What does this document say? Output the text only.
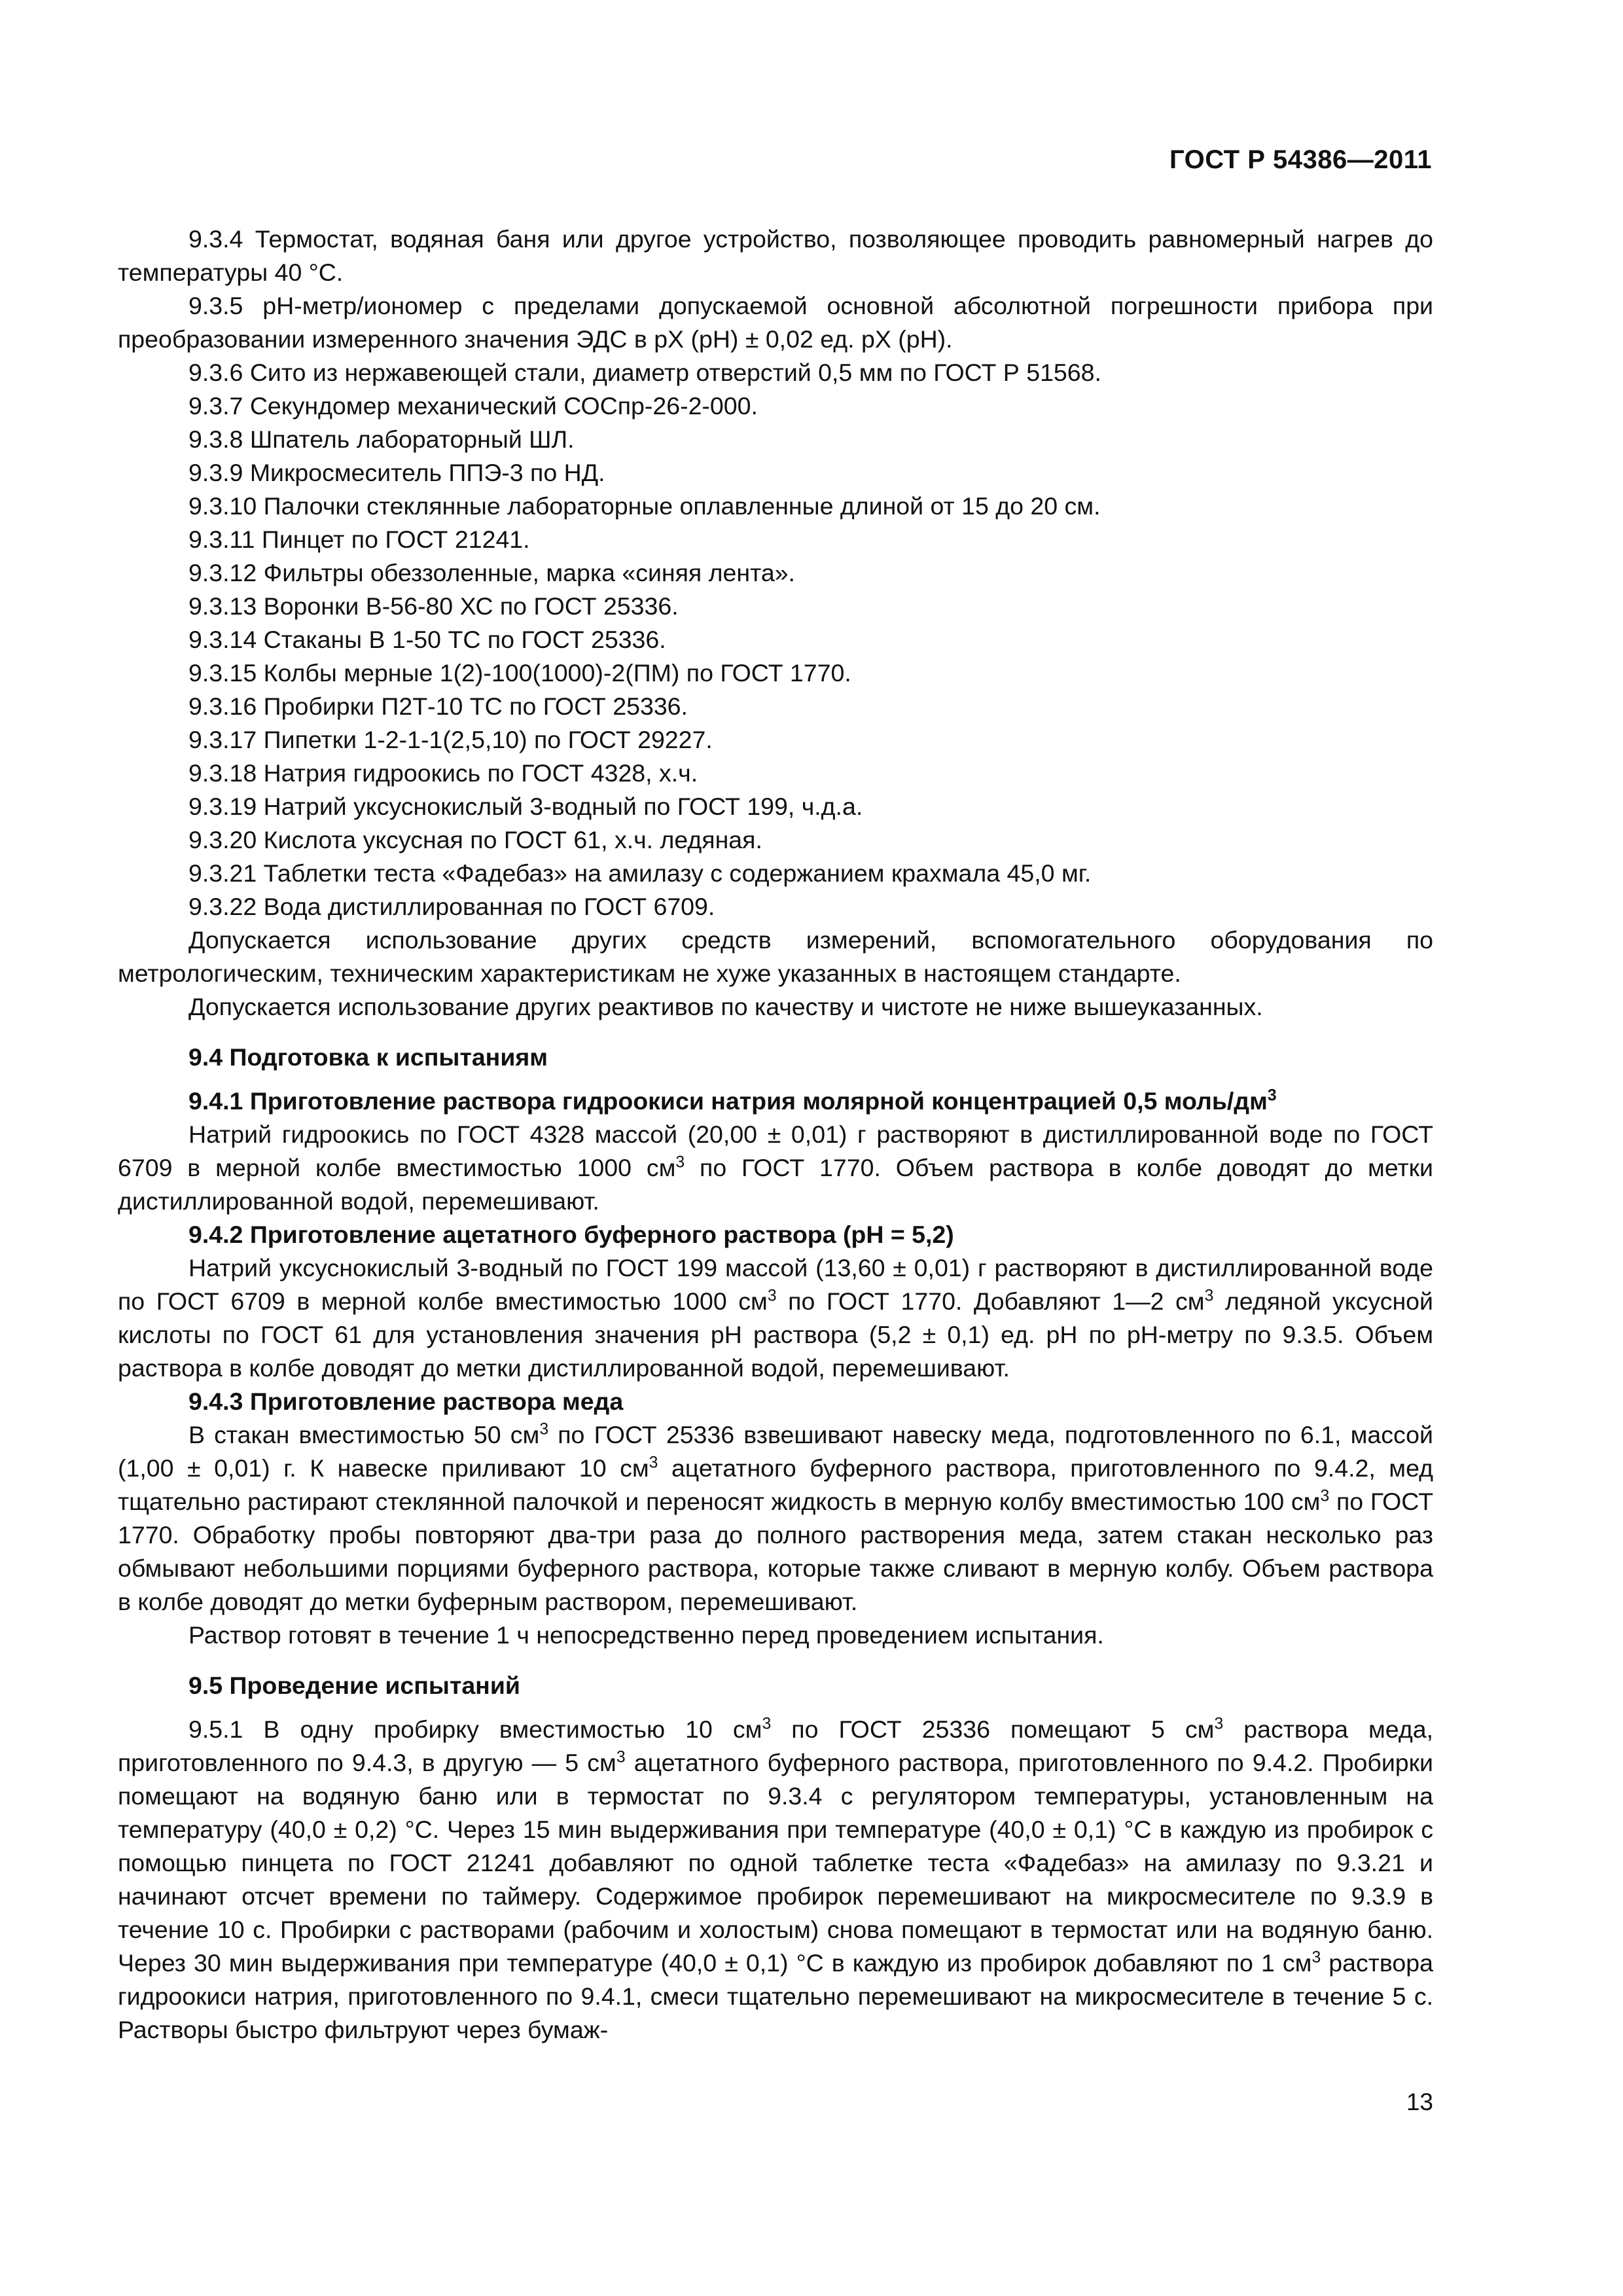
ГОСТ Р 54386—2011

9.3.4 Термостат, водяная баня или другое устройство, позволяющее проводить равномерный нагрев до температуры 40 °С.

9.3.5 рН-метр/иономер с пределами допускаемой основной абсолютной погрешности прибора при преобразовании измеренного значения ЭДС в pX (pH) ± 0,02 ед. pX (pH).

9.3.6 Сито из нержавеющей стали, диаметр отверстий 0,5 мм по ГОСТ Р 51568.

9.3.7 Секундомер механический СОСпр-26-2-000.

9.3.8 Шпатель лабораторный ШЛ.

9.3.9 Микросмеситель ППЭ-3 по НД.

9.3.10 Палочки стеклянные лабораторные оплавленные длиной от 15 до 20 см.

9.3.11 Пинцет по ГОСТ 21241.

9.3.12 Фильтры обеззоленные, марка «синяя лента».

9.3.13 Воронки В-56-80 ХС по ГОСТ 25336.

9.3.14 Стаканы В 1-50 ТС по ГОСТ 25336.

9.3.15 Колбы мерные 1(2)-100(1000)-2(ПМ) по ГОСТ 1770.

9.3.16 Пробирки П2Т-10 ТС по ГОСТ 25336.

9.3.17 Пипетки 1-2-1-1(2,5,10) по ГОСТ 29227.

9.3.18 Натрия гидроокись по ГОСТ 4328, х.ч.

9.3.19 Натрий уксуснокислый 3-водный по ГОСТ 199, ч.д.а.

9.3.20 Кислота уксусная по ГОСТ 61, х.ч. ледяная.

9.3.21 Таблетки теста «Фадебаз» на амилазу с содержанием крахмала 45,0 мг.

9.3.22 Вода дистиллированная по ГОСТ 6709.

Допускается использование других средств измерений, вспомогательного оборудования по метрологическим, техническим характеристикам не хуже указанных в настоящем стандарте.

Допускается использование других реактивов по качеству и чистоте не ниже вышеуказанных.

9.4 Подготовка к испытаниям

9.4.1 Приготовление раствора гидроокиси натрия молярной концентрацией 0,5 моль/$дм^3$

Натрий гидроокись по ГОСТ 4328 массой (20,00 ± 0,01) г растворяют в дистиллированной воде по ГОСТ 6709 в мерной колбе вместимостью 1000 $см^3$ по ГОСТ 1770. Объем раствора в колбе доводят до метки дистиллированной водой, перемешивают.

9.4.2 Приготовление ацетатного буферного раствора (рН = 5,2)

Натрий уксуснокислый 3-водный по ГОСТ 199 массой (13,60 ± 0,01) г растворяют в дистиллированной воде по ГОСТ 6709 в мерной колбе вместимостью 1000 $см^3$ по ГОСТ 1770. Добавляют 1—2 $см^3$ ледяной уксусной кислоты по ГОСТ 61 для установления значения рН раствора (5,2 ± 0,1) ед. рН по рН-метру по 9.3.5. Объем раствора в колбе доводят до метки дистиллированной водой, перемешивают.

9.4.3 Приготовление раствора меда

В стакан вместимостью 50 $см^3$ по ГОСТ 25336 взвешивают навеску меда, подготовленного по 6.1, массой (1,00 ± 0,01) г. К навеске приливают 10 $см^3$ ацетатного буферного раствора, приготовленного по 9.4.2, мед тщательно растирают стеклянной палочкой и переносят жидкость в мерную колбу вместимостью 100 $см^3$ по ГОСТ 1770. Обработку пробы повторяют два-три раза до полного растворения меда, затем стакан несколько раз обмывают небольшими порциями буферного раствора, которые также сливают в мерную колбу. Объем раствора в колбе доводят до метки буферным раствором, перемешивают.

Раствор готовят в течение 1 ч непосредственно перед проведением испытания.

9.5 Проведение испытаний

9.5.1 В одну пробирку вместимостью 10 $см^3$ по ГОСТ 25336 помещают 5 $см^3$ раствора меда, приготовленного по 9.4.3, в другую — 5 $см^3$ ацетатного буферного раствора, приготовленного по 9.4.2. Пробирки помещают на водяную баню или в термостат по 9.3.4 с регулятором температуры, установленным на температуру (40,0 ± 0,2) °С. Через 15 мин выдерживания при температуре (40,0 ± 0,1) °С в каждую из пробирок с помощью пинцета по ГОСТ 21241 добавляют по одной таблетке теста «Фадебаз» на амилазу по 9.3.21 и начинают отсчет времени по таймеру. Содержимое пробирок перемешивают на микросмесителе по 9.3.9 в течение 10 с. Пробирки с растворами (рабочим и холостым) снова помещают в термостат или на водяную баню. Через 30 мин выдерживания при температуре (40,0 ± 0,1) °С в каждую из пробирок добавляют по 1 $см^3$ раствора гидроокиси натрия, приготовленного по 9.4.1, смеси тщательно перемешивают на микросмесителе в течение 5 с. Растворы быстро фильтруют через бумаж-

13
